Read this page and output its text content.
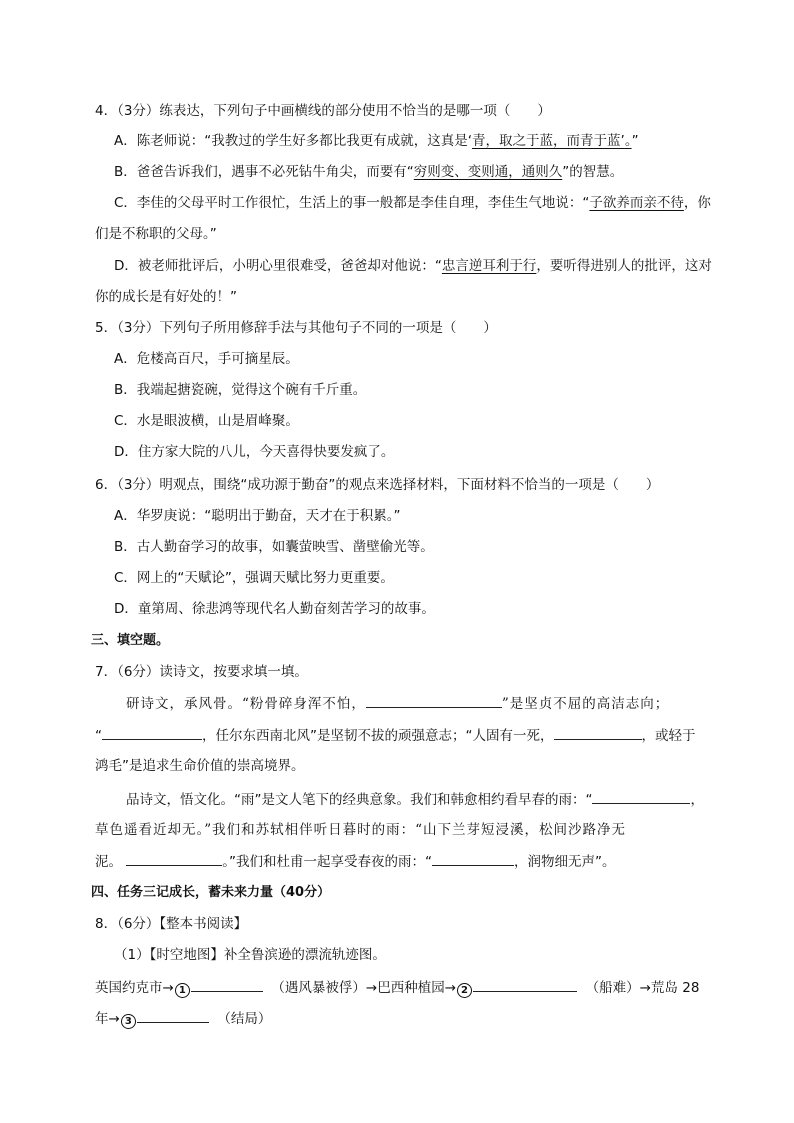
4．（3分）练表达，下列句子中画横线的部分使用不恰当的是哪一项（　　）
A．陈老师说：“我教过的学生好多都比我更有成就，这真是‘青，取之于蓝，而青于蓝’。”
B．爸爸告诉我们，遇事不必死钻牛角尖，而要有“穷则变、变则通，通则久”的智慧。
C．李佳的父母平时工作很忙，生活上的事一般都是李佳自理，李佳生气地说：“子欲养而亲不待，你
们是不称职的父母。”
D．被老师批评后，小明心里很难受，爸爸却对他说：“忠言逆耳利于行，要听得进别人的批评，这对
你的成长是有好处的！”
5．（3分）下列句子所用修辞手法与其他句子不同的一项是（　　）
A．危楼高百尺，手可摘星辰。
B．我端起搪瓷碗，觉得这个碗有千斤重。
C．水是眼波横，山是眉峰聚。
D．住方家大院的八儿，今天喜得快要发疯了。
6．（3分）明观点，围绕“成功源于勤奋”的观点来选择材料，下面材料不恰当的一项是（　　）
A．华罗庚说：“聪明出于勤奋，天才在于积累。”
B．古人勤奋学习的故事，如囊萤映雪、凿壁偷光等。
C．网上的“天赋论”，强调天赋比努力更重要。
D．童第周、徐悲鸿等现代名人勤奋刻苦学习的故事。
三、填空题。
7．（6分）读诗文，按要求填一填。
研诗文，承风骨。“粉骨碎身浑不怕，	”是坚贞不屈的高洁志向；
“	，任尔东西南北风”是坚韧不拔的顽强意志；“人固有一死，	，或轻于
鸿毛”是追求生命价值的崇高境界。
品诗文，悟文化。“雨”是文人笔下的经典意象。我们和韩愈相约看早春的雨：“	，
草色遥看近却无。”我们和苏轼相伴听日暮时的雨：“山下兰芽短浸溪，松间沙路净无
泥。	。”我们和杜甫一起享受春夜的雨：“	，润物细无声”。
四、任务三记成长，蓄未来力量（40分）
8．（6分）【整本书阅读】
（1）【时空地图】补全鲁滨逊的漂流轨迹图。
英国约克市→ 1	（遇风暴被俘）→巴西种植园→ 2	（船难）→荒岛 28
年→ 3	（结局）
